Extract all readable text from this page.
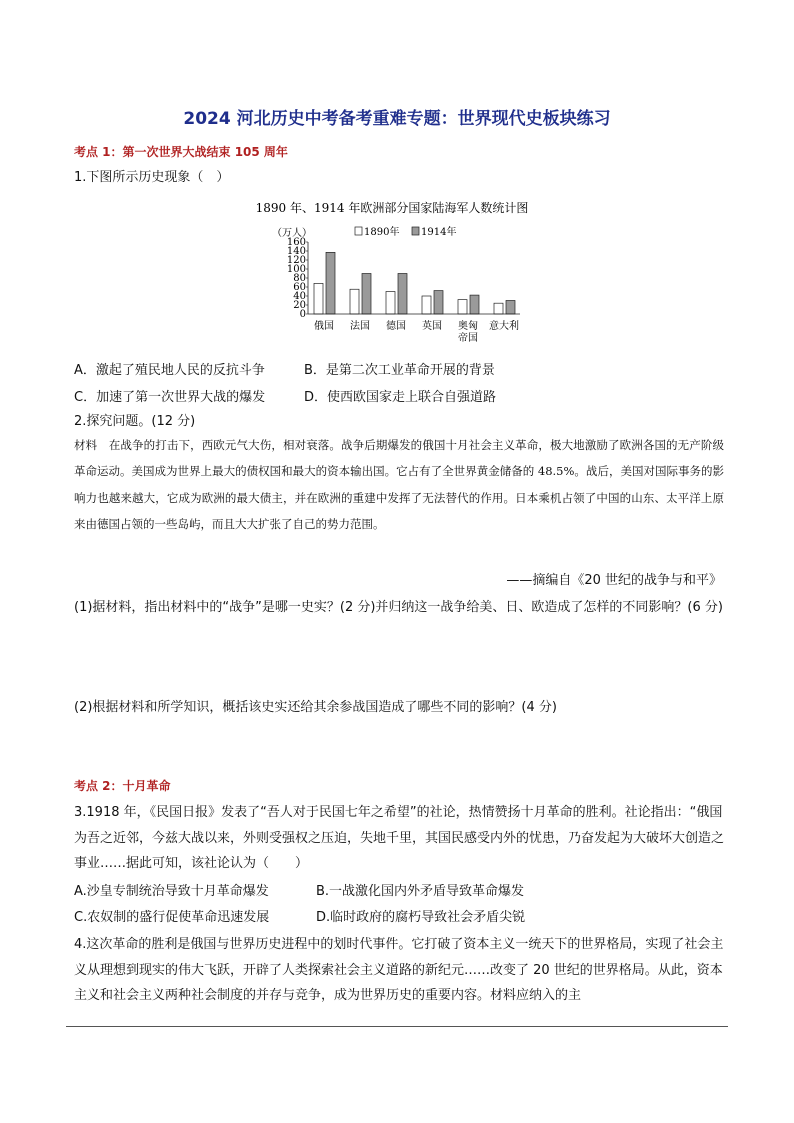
2024 河北历史中考备考重难专题：世界现代史板块练习
考点 1：第一次世界大战结束 105 周年

1.下图所示历史现象（　）

1890 年、1914 年欧洲部分国家陆海军人数统计图
（万人）	1890年 1914年
0
20
40
60
80
100
120
140
160
俄国 法国 德国 英国 奥匈
帝国
意大利
A．激起了殖民地人民的反抗斗争	B．是第二次工业革命开展的背景
C．加速了第一次世界大战的爆发	D．使西欧国家走上联合自强道路

2.探究问题。(12 分)

材料　在战争的打击下，西欧元气大伤，相对衰落。战争后期爆发的俄国十月社会主义革命，极大地激励了欧洲各国的无产阶级革命运动。美国成为世界上最大的债权国和最大的资本输出国。它占有了全世界黄金储备的 48.5%。战后，美国对国际事务的影响力也越来越大，它成为欧洲的最大债主，并在欧洲的重建中发挥了无法替代的作用。日本乘机占领了中国的山东、太平洋上原来由德国占领的一些岛屿，而且大大扩张了自己的势力范围。

——摘编自《20 世纪的战争与和平》

(1)据材料，指出材料中的“战争”是哪一史实？(2 分)并归纳这一战争给美、日、欧造成了怎样的不同影响？(6 分)

(2)根据材料和所学知识，概括该史实还给其余参战国造成了哪些不同的影响？(4 分)

考点 2：十月革命

3.1918 年，《民国日报》发表了“吾人对于民国七年之希望”的社论，热情赞扬十月革命的胜利。社论指出：“俄国为吾之近邻，今兹大战以来，外则受强权之压迫，失地千里，其国民感受内外的忧患，乃奋发起为大破坏大创造之事业……据此可知，该社论认为（　　）

A.沙皇专制统治导致十月革命爆发	B.一战激化国内外矛盾导致革命爆发
C.农奴制的盛行促使革命迅速发展	D.临时政府的腐朽导致社会矛盾尖锐

4.这次革命的胜利是俄国与世界历史进程中的划时代事件。它打破了资本主义一统天下的世界格局，实现了社会主义从理想到现实的伟大飞跃，开辟了人类探索社会主义道路的新纪元……改变了 20 世纪的世界格局。从此，资本主义和社会主义两种社会制度的并存与竞争，成为世界历史的重要内容。材料应纳入的主
